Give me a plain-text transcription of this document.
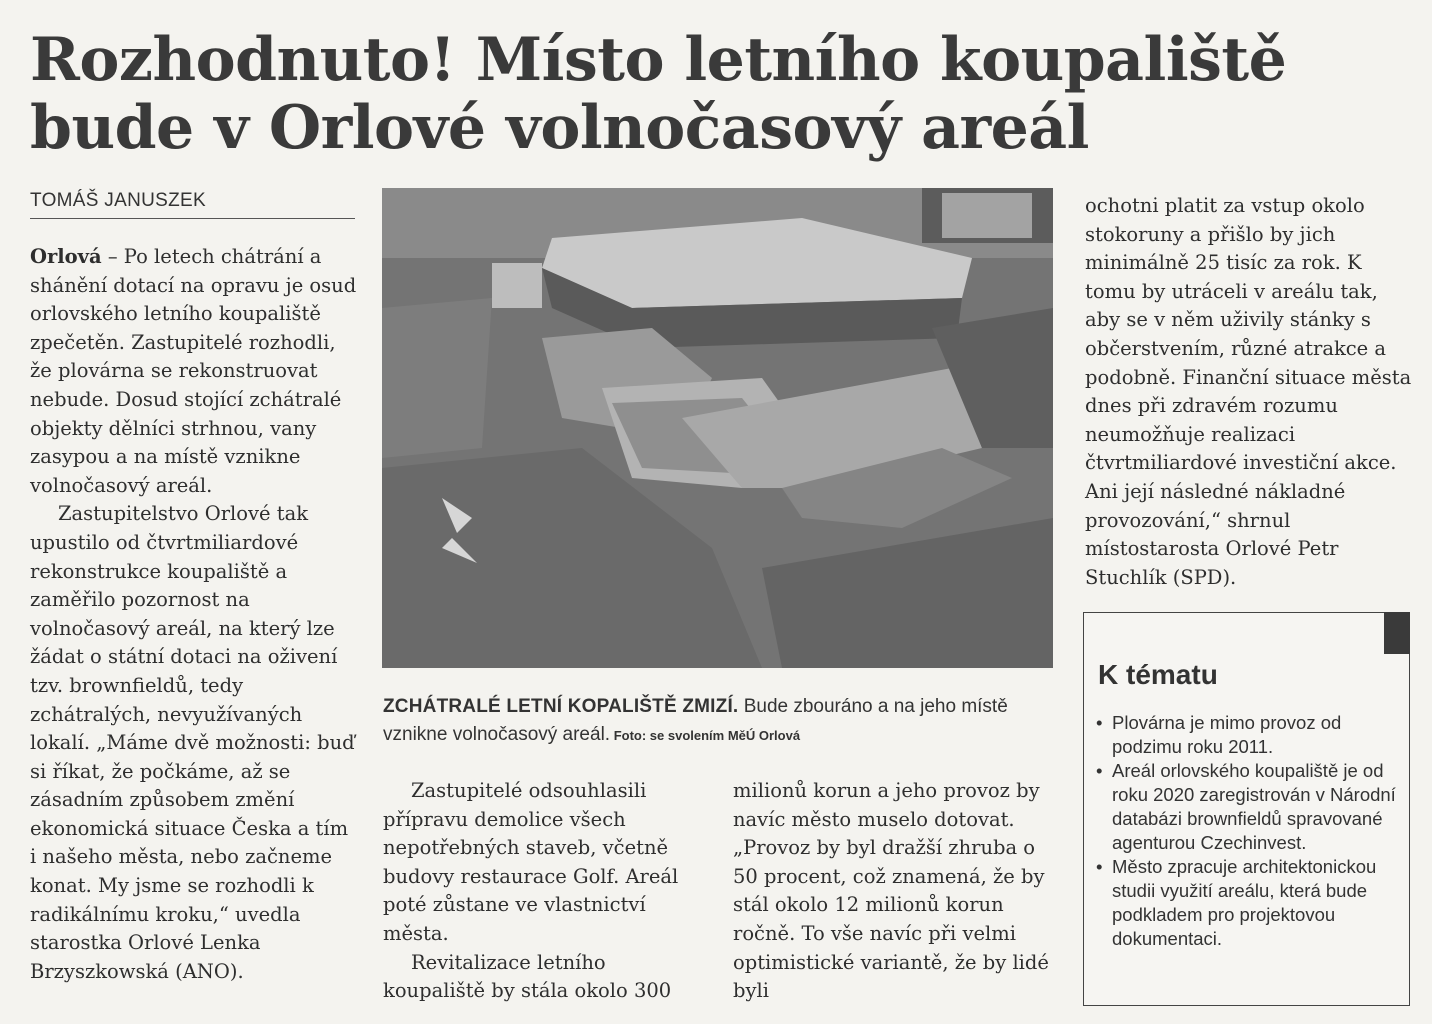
Rozhodnuto! Místo letního koupaliště
bude v Orlové volnočasový areál
TOMÁŠ JANUSZEK

Orlová – Po letech chátrání a shánění dotací na opravu je osud orlovského letního koupaliště zpečetěn. Zastupitelé rozhodli, že plovárna se rekonstruovat nebude. Dosud stojící zchátralé objekty dělníci strhnou, vany zasypou a na místě vznikne volnočasový areál.

Zastupitelstvo Orlové tak upustilo od čtvrtmiliardové rekonstrukce koupaliště a zaměřilo pozornost na volnočasový areál, na který lze žádat o státní dotaci na oživení tzv. brownfieldů, tedy zchátralých, nevyužívaných lokalí. „Máme dvě možnosti: buď si říkat, že počkáme, až se zásadním způsobem změní ekonomická situace Česka a tím i našeho města, nebo začneme konat. My jsme se rozhodli k radikálnímu kroku,“ uvedla starostka Orlové Lenka Brzyszkowská (ANO).

ZCHÁTRALÉ LETNÍ KOPALIŠTĚ ZMIZÍ. Bude zbouráno a na jeho místě vznikne volnočasový areál. Foto: se svolením MěÚ Orlová

Zastupitelé odsouhlasili přípravu demolice všech nepotřebných staveb, včetně budovy restaurace Golf. Areál poté zůstane ve vlastnictví města.

Revitalizace letního koupaliště by stála okolo 300

milionů korun a jeho provoz by navíc město muselo dotovat. „Provoz by byl dražší zhruba o 50 procent, což znamená, že by stál okolo 12 milionů korun ročně. To vše navíc při velmi optimistické variantě, že by lidé byli

ochotni platit za vstup okolo stokoruny a přišlo by jich minimálně 25 tisíc za rok. K tomu by utráceli v areálu tak, aby se v něm uživily stánky s občerstvením, různé atrakce a podobně. Finanční situace města dnes při zdravém rozumu neumožňuje realizaci čtvrtmiliardové investiční akce. Ani její následné nákladné provozování,“ shrnul místostarosta Orlové Petr Stuchlík (SPD).

K tématu
• Plovárna je mimo provoz od podzimu roku 2011.
• Areál orlovského koupaliště je od roku 2020 zaregistrován v Národní databázi brownfieldů spravované agenturou Czechinvest.
• Město zpracuje architektonickou studii využití areálu, která bude podkladem pro projektovou dokumentaci.
